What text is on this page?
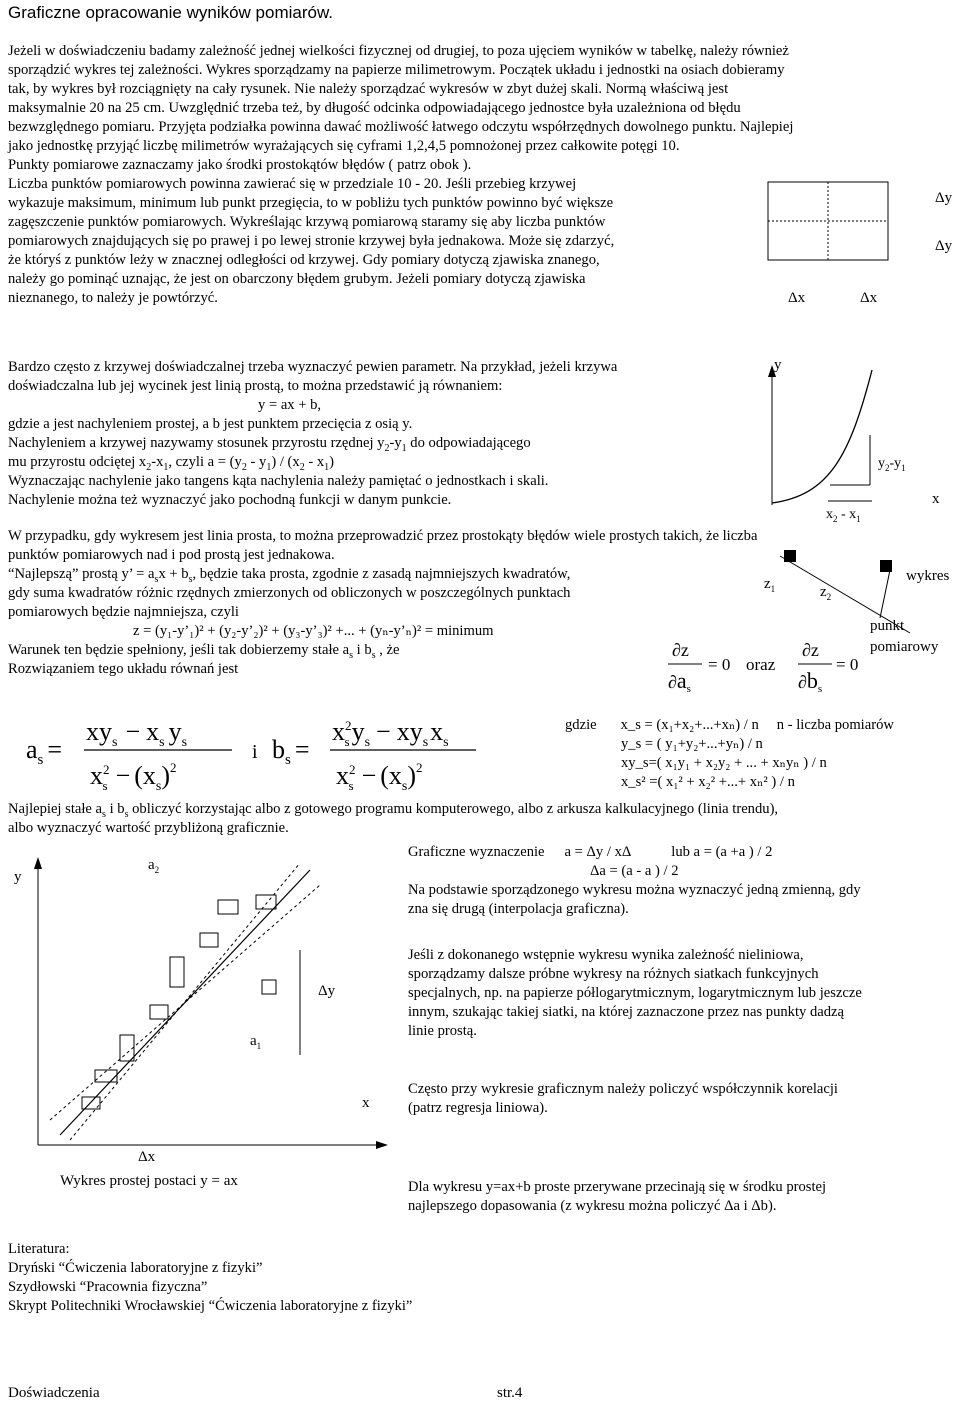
Graficzne opracowanie wyników pomiarów.
Jeżeli w doświadczeniu badamy zależność jednej wielkości fizycznej od drugiej, to poza ujęciem wyników w tabelkę, należy również
sporządzić wykres tej zależności. Wykres sporządzamy na papierze milimetrowym. Początek układu i jednostki na osiach dobieramy
tak, by wykres był rozciągnięty na cały rysunek. Nie należy sporządzać wykresów w zbyt dużej skali. Normą właściwą jest
maksymalnie 20 na 25 cm. Uwzględnić trzeba też, by długość odcinka odpowiadającego jednostce była uzależniona od błędu
bezwzględnego pomiaru. Przyjęta podziałka powinna dawać możliwość łatwego odczytu współrzędnych dowolnego punktu. Najlepiej
jako jednostkę przyjąć liczbę milimetrów wyrażających się cyframi 1,2,4,5 pomnożonej przez całkowite potęgi 10.
Punkty pomiarowe zaznaczamy jako środki prostokątów błędów ( patrz obok ).
Liczba punktów pomiarowych powinna zawierać się w przedziale 10 - 20. Jeśli przebieg krzywej
wykazuje maksimum, minimum lub punkt przegięcia, to w pobliżu tych punktów powinno być większe
zagęszczenie punktów pomiarowych. Wykreślając krzywą pomiarową staramy się aby liczba punktów
pomiarowych znajdujących się po prawej i po lewej stronie krzywej była jednakowa. Może się zdarzyć,
że któryś z punktów leży w znacznej odległości od krzywej. Gdy pomiary dotyczą zjawiska znanego,
należy go pominąć uznając, że jest on obarczony błędem grubym. Jeżeli pomiary dotyczą zjawiska
nieznanego, to należy je powtórzyć.
Δy
Δy
Δx	Δx
Bardzo często z krzywej doświadczalnej trzeba wyznaczyć pewien parametr. Na przykład, jeżeli krzywa
doświadczalna lub jej wycinek jest linią prostą, to można przedstawić ją równaniem:
y = ax + b,
gdzie a jest nachyleniem prostej, a b jest punktem przecięcia z osią y.
Nachyleniem a krzywej nazywamy stosunek przyrostu rzędnej $y_2-y_1$ do odpowiadającego
mu przyrostu odciętej $x_2-x_1$, czyli $a = (y_2 - y_1) / (x_2 - x_1)$
Wyznaczając nachylenie jako tangens kąta nachylenia należy pamiętać o jednostkach i skali.
Nachylenie można też wyznaczyć jako pochodną funkcji w danym punkcie.
y
$y_2-y_1$
x
$x_2 - x_1$
W przypadku, gdy wykresem jest linia prosta, to można przeprowadzić przez prostokąty błędów wiele prostych takich, że liczba
punktów pomiarowych nad i pod prostą jest jednakowa.
“Najlepszą” prostą y’ = $a_sx + b_s$, będzie taka prosta, zgodnie z zasadą najmniejszych kwadratów,
gdy suma kwadratów różnic rzędnych zmierzonych od obliczonych w poszczególnych punktach
pomiarowych będzie najmniejsza, czyli
z = (y₁-y’₁)² + (y₂-y’₂)² + (y₃-y’₃)² +... + (yₙ-y’ₙ)² = minimum
Warunek ten będzie spełniony, jeśli tak dobierzemy stałe $a_s$ i $b_s$ , że
Rozwiązaniem tego układu równań jest
$z_1$	$z_2$
wykres
punkt
pomiarowy
∂z
$\partial a_s$
= 0 oraz
∂z
$\partial b_s$
= 0
$a_s$ =
$xy_s - x_s$ $y_s$
$x^2$ $s - (x_s)^2$
i $b_s$ =
$x^2$ $sy_s - xy_sx_s$
$x^2$ $s - (x_s)^2$
gdzie x_s = (x₁+x₂+...+xₙ) / n n - liczba pomiarów
y_s = ( y₁+y₂+...+yₙ) / n
xy_s=( x₁y₁ + x₂y₂ + ... + xₙyₙ ) / n
x_s² =( x₁² + x₂² +...+ xₙ² ) / n
Najlepiej stałe $a_s$ i $b_s$ obliczyć korzystając albo z gotowego programu komputerowego, albo z arkusza kalkulacyjnego (linia trendu),
albo wyznaczyć wartość przybliżoną graficznie.
y
x
$a_2$
$a_1$
Δy
Δx
Wykres prostej postaci y = ax
Graficzne wyznaczenie a = Δy / xΔ	lub a = (a +a ) / 2
Δa = (a - a ) / 2
Na podstawie sporządzonego wykresu można wyznaczyć jedną zmienną, gdy
zna się drugą (interpolacja graficzna).
Jeśli z dokonanego wstępnie wykresu wynika zależność nieliniowa,
sporządzamy dalsze próbne wykresy na różnych siatkach funkcyjnych
specjalnych, np. na papierze półlogarytmicznym, logarytmicznym lub jeszcze
innym, szukając takiej siatki, na której zaznaczone przez nas punkty dadzą
linie prostą.
Często przy wykresie graficznym należy policzyć współczynnik korelacji
(patrz regresja liniowa).
Dla wykresu y=ax+b proste przerywane przecinają się w środku prostej
najlepszego dopasowania (z wykresu można policzyć Δa i Δb).
Literatura:
Dryński “Ćwiczenia laboratoryjne z fizyki”
Szydłowski “Pracownia fizyczna”
Skrypt Politechniki Wrocławskiej “Ćwiczenia laboratoryjne z fizyki”
Doświadczenia	str.4
